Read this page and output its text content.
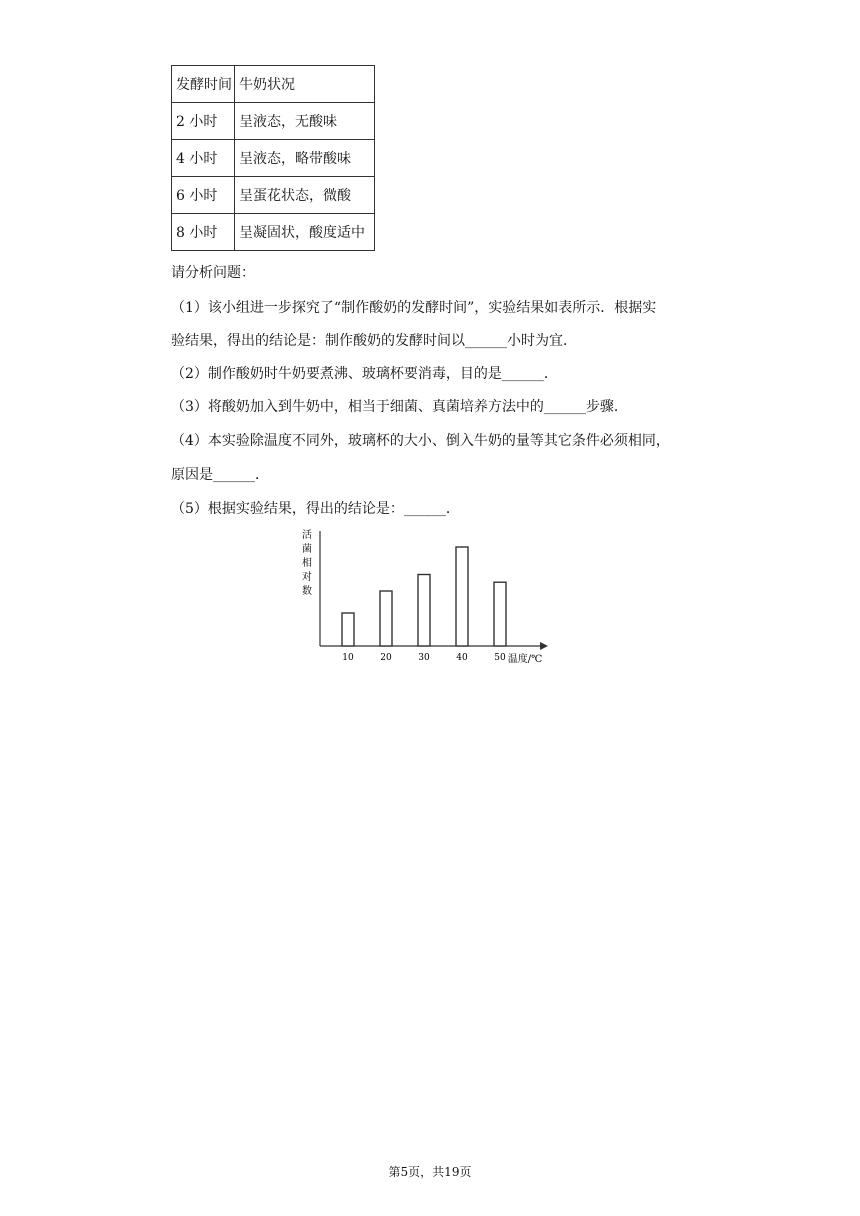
发酵时间	牛奶状况
2 小时	呈液态，无酸味
4 小时	呈液态，略带酸味
6 小时	呈蛋花状态，微酸
8 小时	呈凝固状，酸度适中
请分析问题：
（1）该小组进一步探究了“制作酸奶的发酵时间”，实验结果如表所示．根据实
验结果，得出的结论是：制作酸奶的发酵时间以______小时为宜．
（2）制作酸奶时牛奶要煮沸、玻璃杯要消毒，目的是______．
（3）将酸奶加入到牛奶中，相当于细菌、真菌培养方法中的______步骤．
（4）本实验除温度不同外，玻璃杯的大小、倒入牛奶的量等其它条件必须相同，
原因是______．
（5）根据实验结果，得出的结论是：______．
活
菌
相
对
数
10	20	30	40	50 温度/℃
第5页，共19页
